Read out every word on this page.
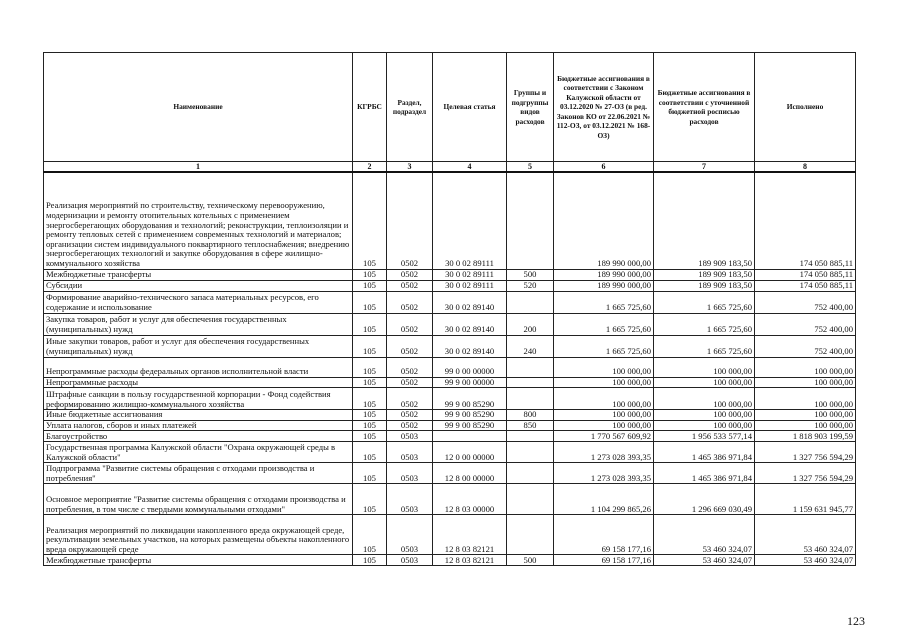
Наименование	КГРБС	Раздел, подраздел	Целевая статья	Группы и подгруппы видов расходов	Бюджетные ассигнования в соответствии с Законом Калужской области от 03.12.2020 № 27-ОЗ (в ред. Законов КО от 22.06.2021 № 112-ОЗ, от 03.12.2021 № 168-ОЗ)	Бюджетные ассигнования в соответствии с уточненной бюджетной росписью расходов	Исполнено
1	2	3	4	5	6	7	8
Реализация мероприятий по строительству, техническому перевооружению, модернизации и ремонту отопительных котельных с применением энергосберегающих оборудования и технологий; реконструкции, теплоизоляции и ремонту тепловых сетей с применением современных технологий и материалов; организации систем индивидуального поквартирного теплоснабжения; внедрению энергосберегающих технологий и закупке оборудования в сфере жилищно-коммунального хозяйства	105	0502	30 0 02 89111		189 990 000,00	189 909 183,50	174 050 885,11
Межбюджетные трансферты	105	0502	30 0 02 89111	500	189 990 000,00	189 909 183,50	174 050 885,11
Субсидии	105	0502	30 0 02 89111	520	189 990 000,00	189 909 183,50	174 050 885,11
Формирование аварийно-технического запаса материальных ресурсов, его содержание и использование	105	0502	30 0 02 89140		1 665 725,60	1 665 725,60	752 400,00
Закупка товаров, работ и услуг для обеспечения государственных (муниципальных) нужд	105	0502	30 0 02 89140	200	1 665 725,60	1 665 725,60	752 400,00
Иные закупки товаров, работ и услуг для обеспечения государственных (муниципальных) нужд	105	0502	30 0 02 89140	240	1 665 725,60	1 665 725,60	752 400,00
Непрограммные расходы федеральных органов исполнительной власти	105	0502	99 0 00 00000		100 000,00	100 000,00	100 000,00
Непрограммные расходы	105	0502	99 9 00 00000		100 000,00	100 000,00	100 000,00
Штрафные санкции в пользу государственной корпорации - Фонд содействия реформированию жилищно-коммунального хозяйства	105	0502	99 9 00 85290		100 000,00	100 000,00	100 000,00
Иные бюджетные ассигнования	105	0502	99 9 00 85290	800	100 000,00	100 000,00	100 000,00
Уплата налогов, сборов и иных платежей	105	0502	99 9 00 85290	850	100 000,00	100 000,00	100 000,00
Благоустройство	105	0503			1 770 567 609,92	1 956 533 577,14	1 818 903 199,59
Государственная программа Калужской области "Охрана окружающей среды в Калужской области"	105	0503	12 0 00 00000		1 273 028 393,35	1 465 386 971,84	1 327 756 594,29
Подпрограмма "Развитие системы обращения с отходами производства и потребления"	105	0503	12 8 00 00000		1 273 028 393,35	1 465 386 971,84	1 327 756 594,29
Основное мероприятие "Развитие системы обращения с отходами производства и потребления, в том числе с твердыми коммунальными отходами"	105	0503	12 8 03 00000		1 104 299 865,26	1 296 669 030,49	1 159 631 945,77
Реализация мероприятий по ликвидации накопленного вреда окружающей среде, рекультивации земельных участков, на которых размещены объекты накопленного вреда окружающей среде	105	0503	12 8 03 82121		69 158 177,16	53 460 324,07	53 460 324,07
Межбюджетные трансферты	105	0503	12 8 03 82121	500	69 158 177,16	53 460 324,07	53 460 324,07
123
